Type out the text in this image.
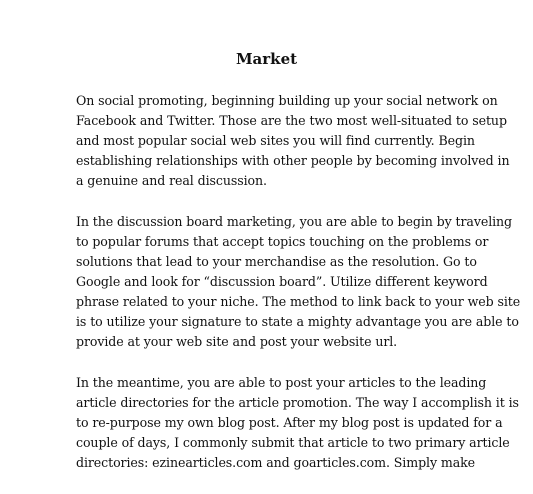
Market

On social promoting, beginning building up your social network on
Facebook and Twitter. Those are the two most well-situated to setup
and most popular social web sites you will find currently. Begin
establishing relationships with other people by becoming involved in
a genuine and real discussion.

In the discussion board marketing, you are able to begin by traveling
to popular forums that accept topics touching on the problems or
solutions that lead to your merchandise as the resolution. Go to
Google and look for “discussion board”. Utilize different keyword
phrase related to your niche. The method to link back to your web site
is to utilize your signature to state a mighty advantage you are able to
provide at your web site and post your website url.

In the meantime, you are able to post your articles to the leading
article directories for the article promotion. The way I accomplish it is
to re-purpose my own blog post. After my blog post is updated for a
couple of days, I commonly submit that article to two primary article
directories: ezinearticles.com and goarticles.com. Simply make
